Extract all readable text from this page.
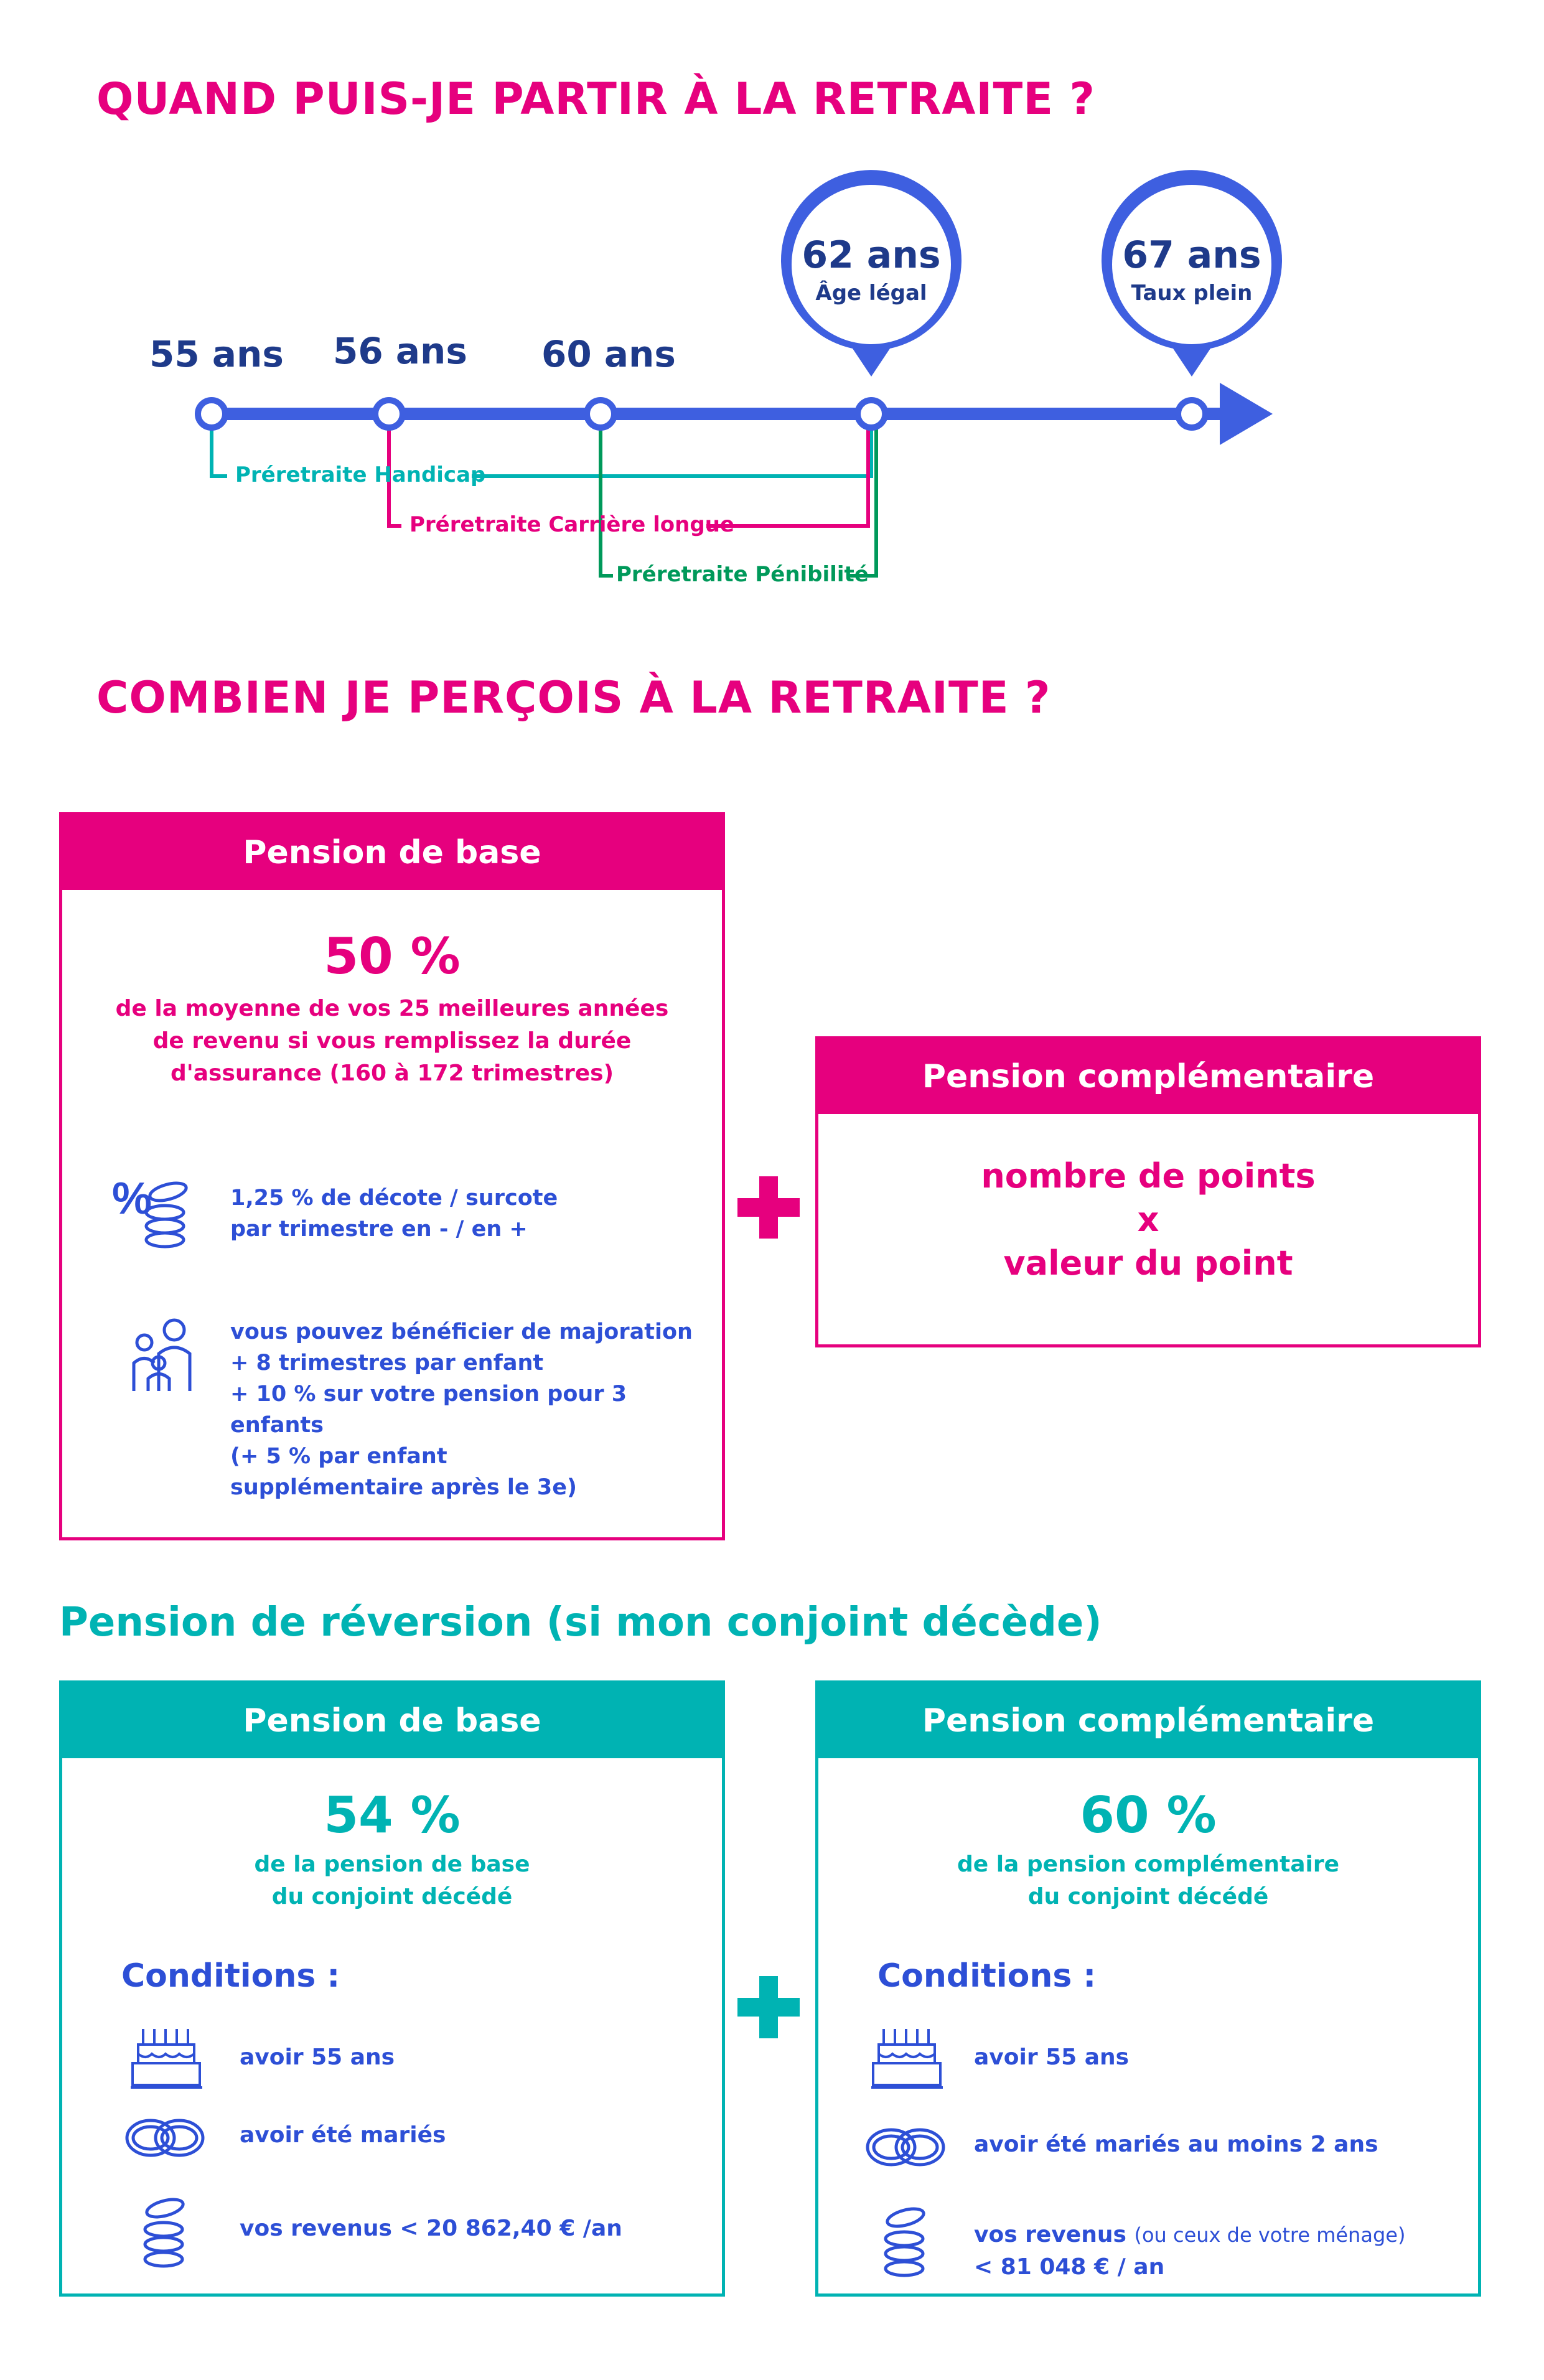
QUAND PUIS-JE PARTIR À LA RETRAITE ?
55 ans 56 ans 60 ans
62 ans
Âge légal
67 ans
Taux plein
Préretraite Handicap
Préretraite Carrière longue
Préretraite Pénibilité
COMBIEN JE PERÇOIS À LA RETRAITE ?
Pension de base
50 %
de la moyenne de vos 25 meilleures années
de revenu si vous remplissez la durée
d'assurance (160 à 172 trimestres)
%	1,25 % de décote / surcote
par trimestre en - / en +
vous pouvez bénéficier de majoration
+ 8 trimestres par enfant
+ 10 % sur votre pension pour 3 enfants
(+ 5 % par enfant
supplémentaire après le 3e)
Pension complémentaire
nombre de points
x
valeur du point
Pension de réversion (si mon conjoint décède)
Pension de base
54 %
de la pension de base
du conjoint décédé
Conditions :
avoir 55 ans
avoir été mariés
vos revenus < 20 862,40 € /an
Pension complémentaire
60 %
de la pension complémentaire
du conjoint décédé
Conditions :
avoir 55 ans
avoir été mariés au moins 2 ans
vos revenus (ou ceux de votre ménage)
< 81 048 € / an
